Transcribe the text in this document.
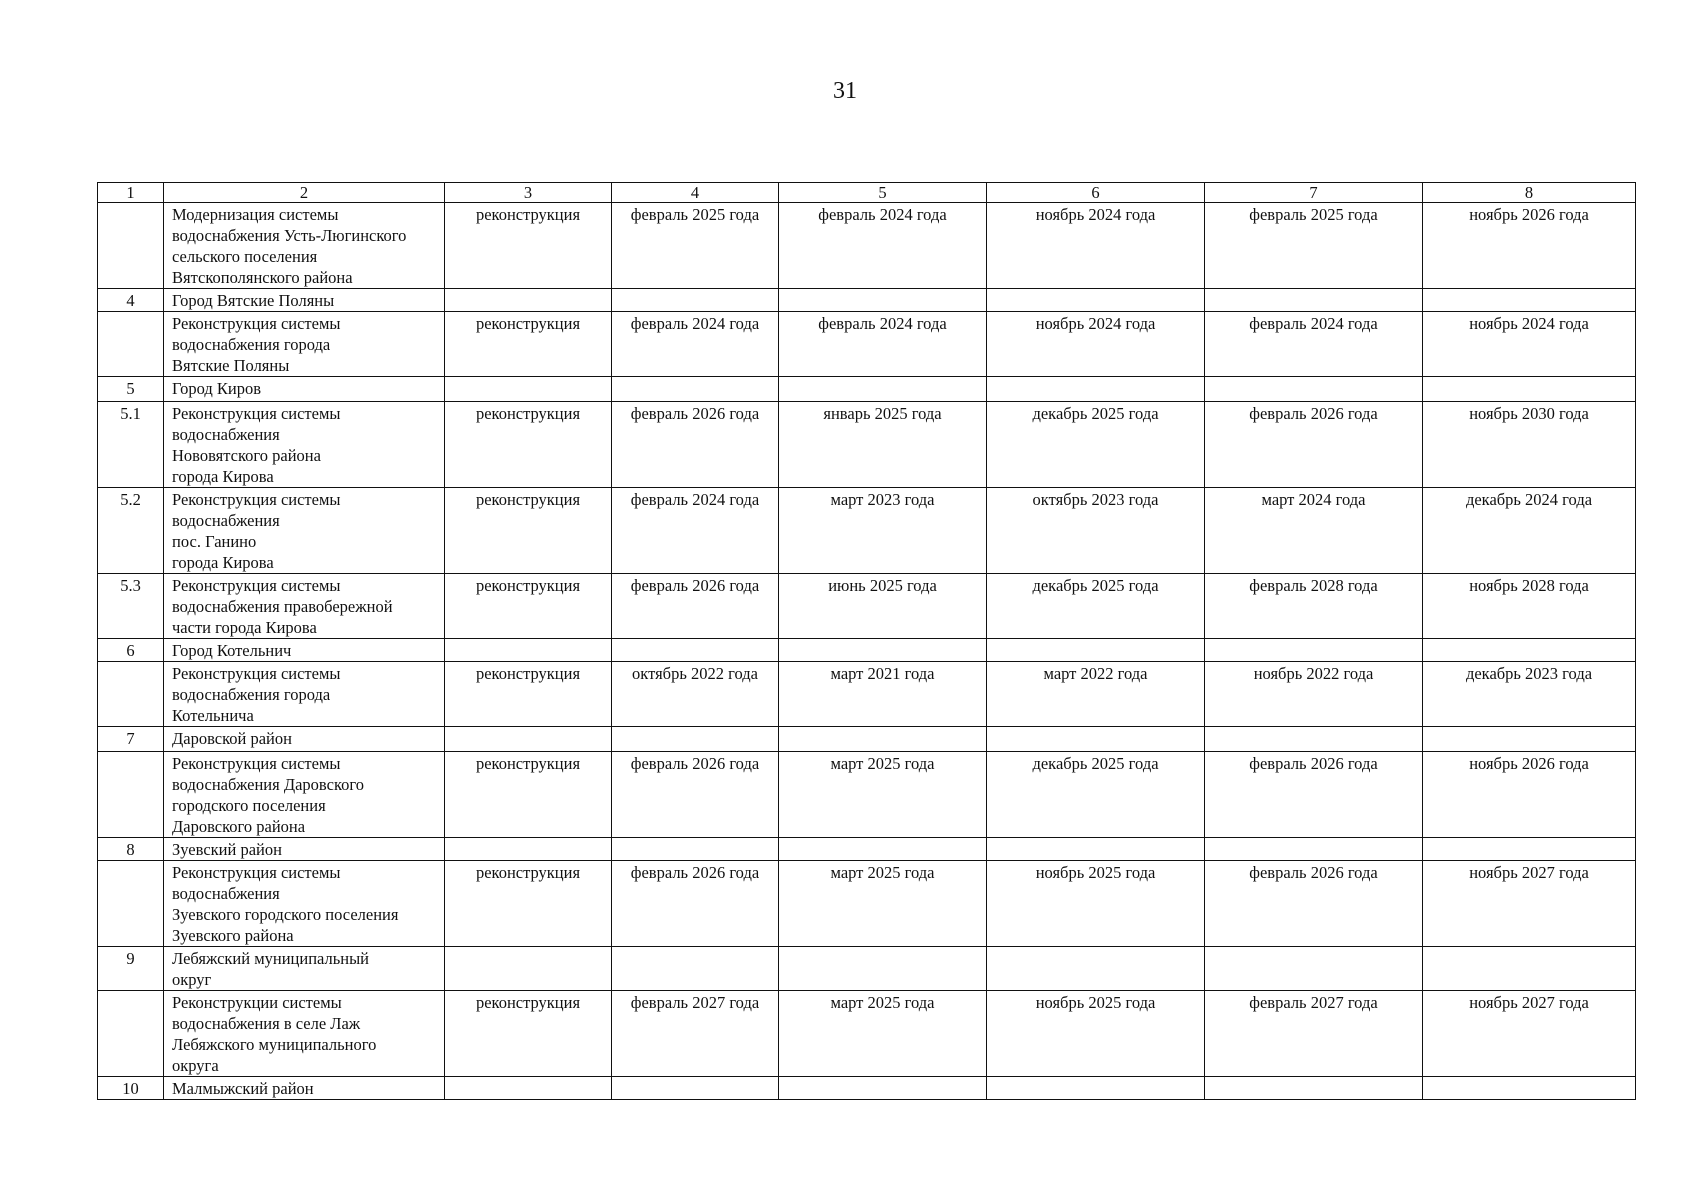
31
1	2	3	4	5	6	7	8
	Модернизация системы
водоснабжения Усть-Люгинского
сельского поселения
Вятскополянского района	реконструкция	февраль 2025 года	февраль 2024 года	ноябрь 2024 года	февраль 2025 года	ноябрь 2026 года
4	Город Вятские Поляны						
	Реконструкция системы
водоснабжения города
Вятские Поляны	реконструкция	февраль 2024 года	февраль 2024 года	ноябрь 2024 года	февраль 2024 года	ноябрь 2024 года
5	Город Киров						
5.1	Реконструкция системы
водоснабжения
Нововятского района
города Кирова	реконструкция	февраль 2026 года	январь 2025 года	декабрь 2025 года	февраль 2026 года	ноябрь 2030 года
5.2	Реконструкция системы
водоснабжения
пос. Ганино
города Кирова	реконструкция	февраль 2024 года	март 2023 года	октябрь 2023 года	март 2024 года	декабрь 2024 года
5.3	Реконструкция системы
водоснабжения правобережной
части города Кирова	реконструкция	февраль 2026 года	июнь 2025 года	декабрь 2025 года	февраль 2028 года	ноябрь 2028 года
6	Город Котельнич						
	Реконструкция системы
водоснабжения города
Котельнича	реконструкция	октябрь 2022 года	март 2021 года	март 2022 года	ноябрь 2022 года	декабрь 2023 года
7	Даровской район						
	Реконструкция системы
водоснабжения Даровского
городского поселения
Даровского района	реконструкция	февраль 2026 года	март 2025 года	декабрь 2025 года	февраль 2026 года	ноябрь 2026 года
8	Зуевский район						
	Реконструкция системы
водоснабжения
Зуевского городского поселения
Зуевского района	реконструкция	февраль 2026 года	март 2025 года	ноябрь 2025 года	февраль 2026 года	ноябрь 2027 года
9	Лебяжский муниципальный
округ						
	Реконструкции системы
водоснабжения в селе Лаж
Лебяжского муниципального
округа	реконструкция	февраль 2027 года	март 2025 года	ноябрь 2025 года	февраль 2027 года	ноябрь 2027 года
10	Малмыжский район						
